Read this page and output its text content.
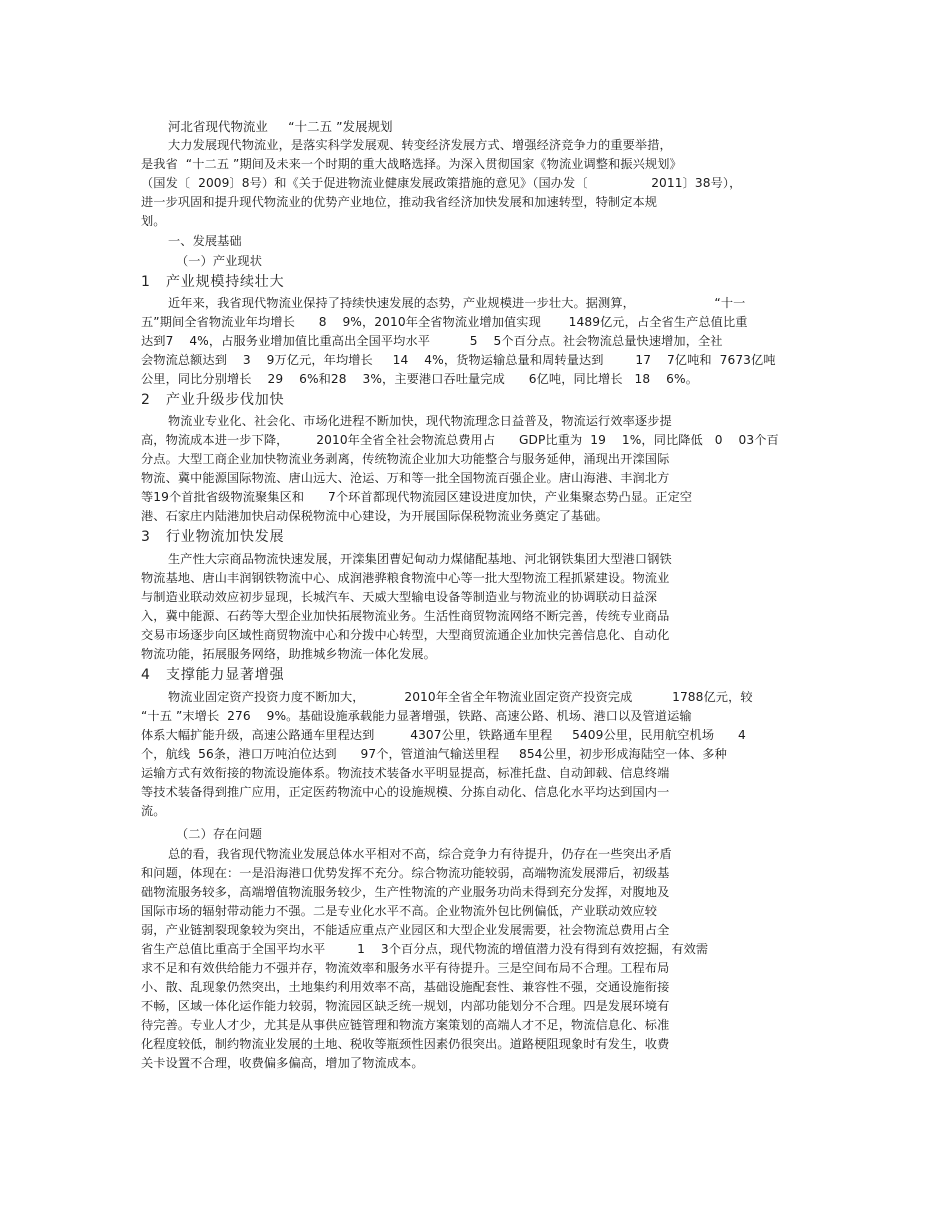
河北省现代物流业     “十二五 ”发展规划
大力发展现代物流业，是落实科学发展观、转变经济发展方式、增强经济竞争力的重要举措，
是我省  “十二五 ”期间及未来一个时期的重大战略选择。为深入贯彻国家《物流业调整和振兴规划》
（国发〔  2009〕8号）和《关于促进物流业健康发展政策措施的意见》（国办发〔                2011〕38号），
进一步巩固和提升现代物流业的优势产业地位，推动我省经济加快发展和加速转型，特制定本规
划。
一、发展基础
（一）产业现状
1 产业规模持续壮大
近年来，我省现代物流业保持了持续快速发展的态势，产业规模进一步壮大。据测算，                    “十一
五”期间全省物流业年均增长      8    9%，2010年全省物流业增加值实现       1489亿元，占全省生产总值比重
达到7    4%，占服务业增加值比重高出全国平均水平          5    5个百分点。社会物流总量快速增加，全社
会物流总额达到    3    9万亿元，年均增长     14    4%，货物运输总量和周转量达到        17    7亿吨和  7673亿吨
公里，同比分别增长    29    6%和28    3%，主要港口吞吐量完成      6亿吨，同比增长   18    6%。
2 产业升级步伐加快
物流业专业化、社会化、市场化进程不断加快，现代物流理念日益普及，物流运行效率逐步提
高，物流成本进一步下降，       2010年全省全社会物流总费用占      GDP比重为  19    1%，同比降低   0    03个百
分点。大型工商企业加快物流业务剥离，传统物流企业加大功能整合与服务延伸，涌现出开滦国际
物流、冀中能源国际物流、唐山远大、沧运、万和等一批全国物流百强企业。唐山海港、丰润北方
等19个首批省级物流聚集区和      7个环首都现代物流园区建设进度加快，产业集聚态势凸显。正定空
港、石家庄内陆港加快启动保税物流中心建设，为开展国际保税物流业务奠定了基础。
3 行业物流加快发展
生产性大宗商品物流快速发展，开滦集团曹妃甸动力煤储配基地、河北钢铁集团大型港口钢铁
物流基地、唐山丰润钢铁物流中心、成润港骅粮食物流中心等一批大型物流工程抓紧建设。物流业
与制造业联动效应初步显现，长城汽车、天威大型输电设备等制造业与物流业的协调联动日益深
入，冀中能源、石药等大型企业加快拓展物流业务。生活性商贸物流网络不断完善，传统专业商品
交易市场逐步向区域性商贸物流中心和分拨中心转型，大型商贸流通企业加快完善信息化、自动化
物流功能，拓展服务网络，助推城乡物流一体化发展。
4 支撑能力显著增强
物流业固定资产投资力度不断加大，          2010年全省全年物流业固定资产投资完成          1788亿元，较
“十五 ”末增长  276    9%。基础设施承载能力显著增强，铁路、高速公路、机场、港口以及管道运输
体系大幅扩能升级，高速公路通车里程达到         4307公里，铁路通车里程     5409公里，民用航空机场      4
个，航线  56条，港口万吨泊位达到      97个，管道油气输送里程     854公里，初步形成海陆空一体、多种
运输方式有效衔接的物流设施体系。物流技术装备水平明显提高，标准托盘、自动卸载、信息终端
等技术装备得到推广应用，正定医药物流中心的设施规模、分拣自动化、信息化水平均达到国内一
流。
（二）存在问题
总的看，我省现代物流业发展总体水平相对不高，综合竞争力有待提升，仍存在一些突出矛盾
和问题，体现在：一是沿海港口优势发挥不充分。综合物流功能较弱，高端物流发展滞后，初级基
础物流服务较多，高端增值物流服务较少，生产性物流的产业服务功尚未得到充分发挥，对腹地及
国际市场的辐射带动能力不强。二是专业化水平不高。企业物流外包比例偏低，产业联动效应较
弱，产业链割裂现象较为突出，不能适应重点产业园区和大型企业发展需要，社会物流总费用占全
省生产总值比重高于全国平均水平        1    3个百分点，现代物流的增值潜力没有得到有效挖掘，有效需
求不足和有效供给能力不强并存，物流效率和服务水平有待提升。三是空间布局不合理。工程布局
小、散、乱现象仍然突出，土地集约利用效率不高，基础设施配套性、兼容性不强，交通设施衔接
不畅，区域一体化运作能力较弱，物流园区缺乏统一规划，内部功能划分不合理。四是发展环境有
待完善。专业人才少，尤其是从事供应链管理和物流方案策划的高端人才不足，物流信息化、标准
化程度较低，制约物流业发展的土地、税收等瓶颈性因素仍很突出。道路梗阻现象时有发生，收费
关卡设置不合理，收费偏多偏高，增加了物流成本。
